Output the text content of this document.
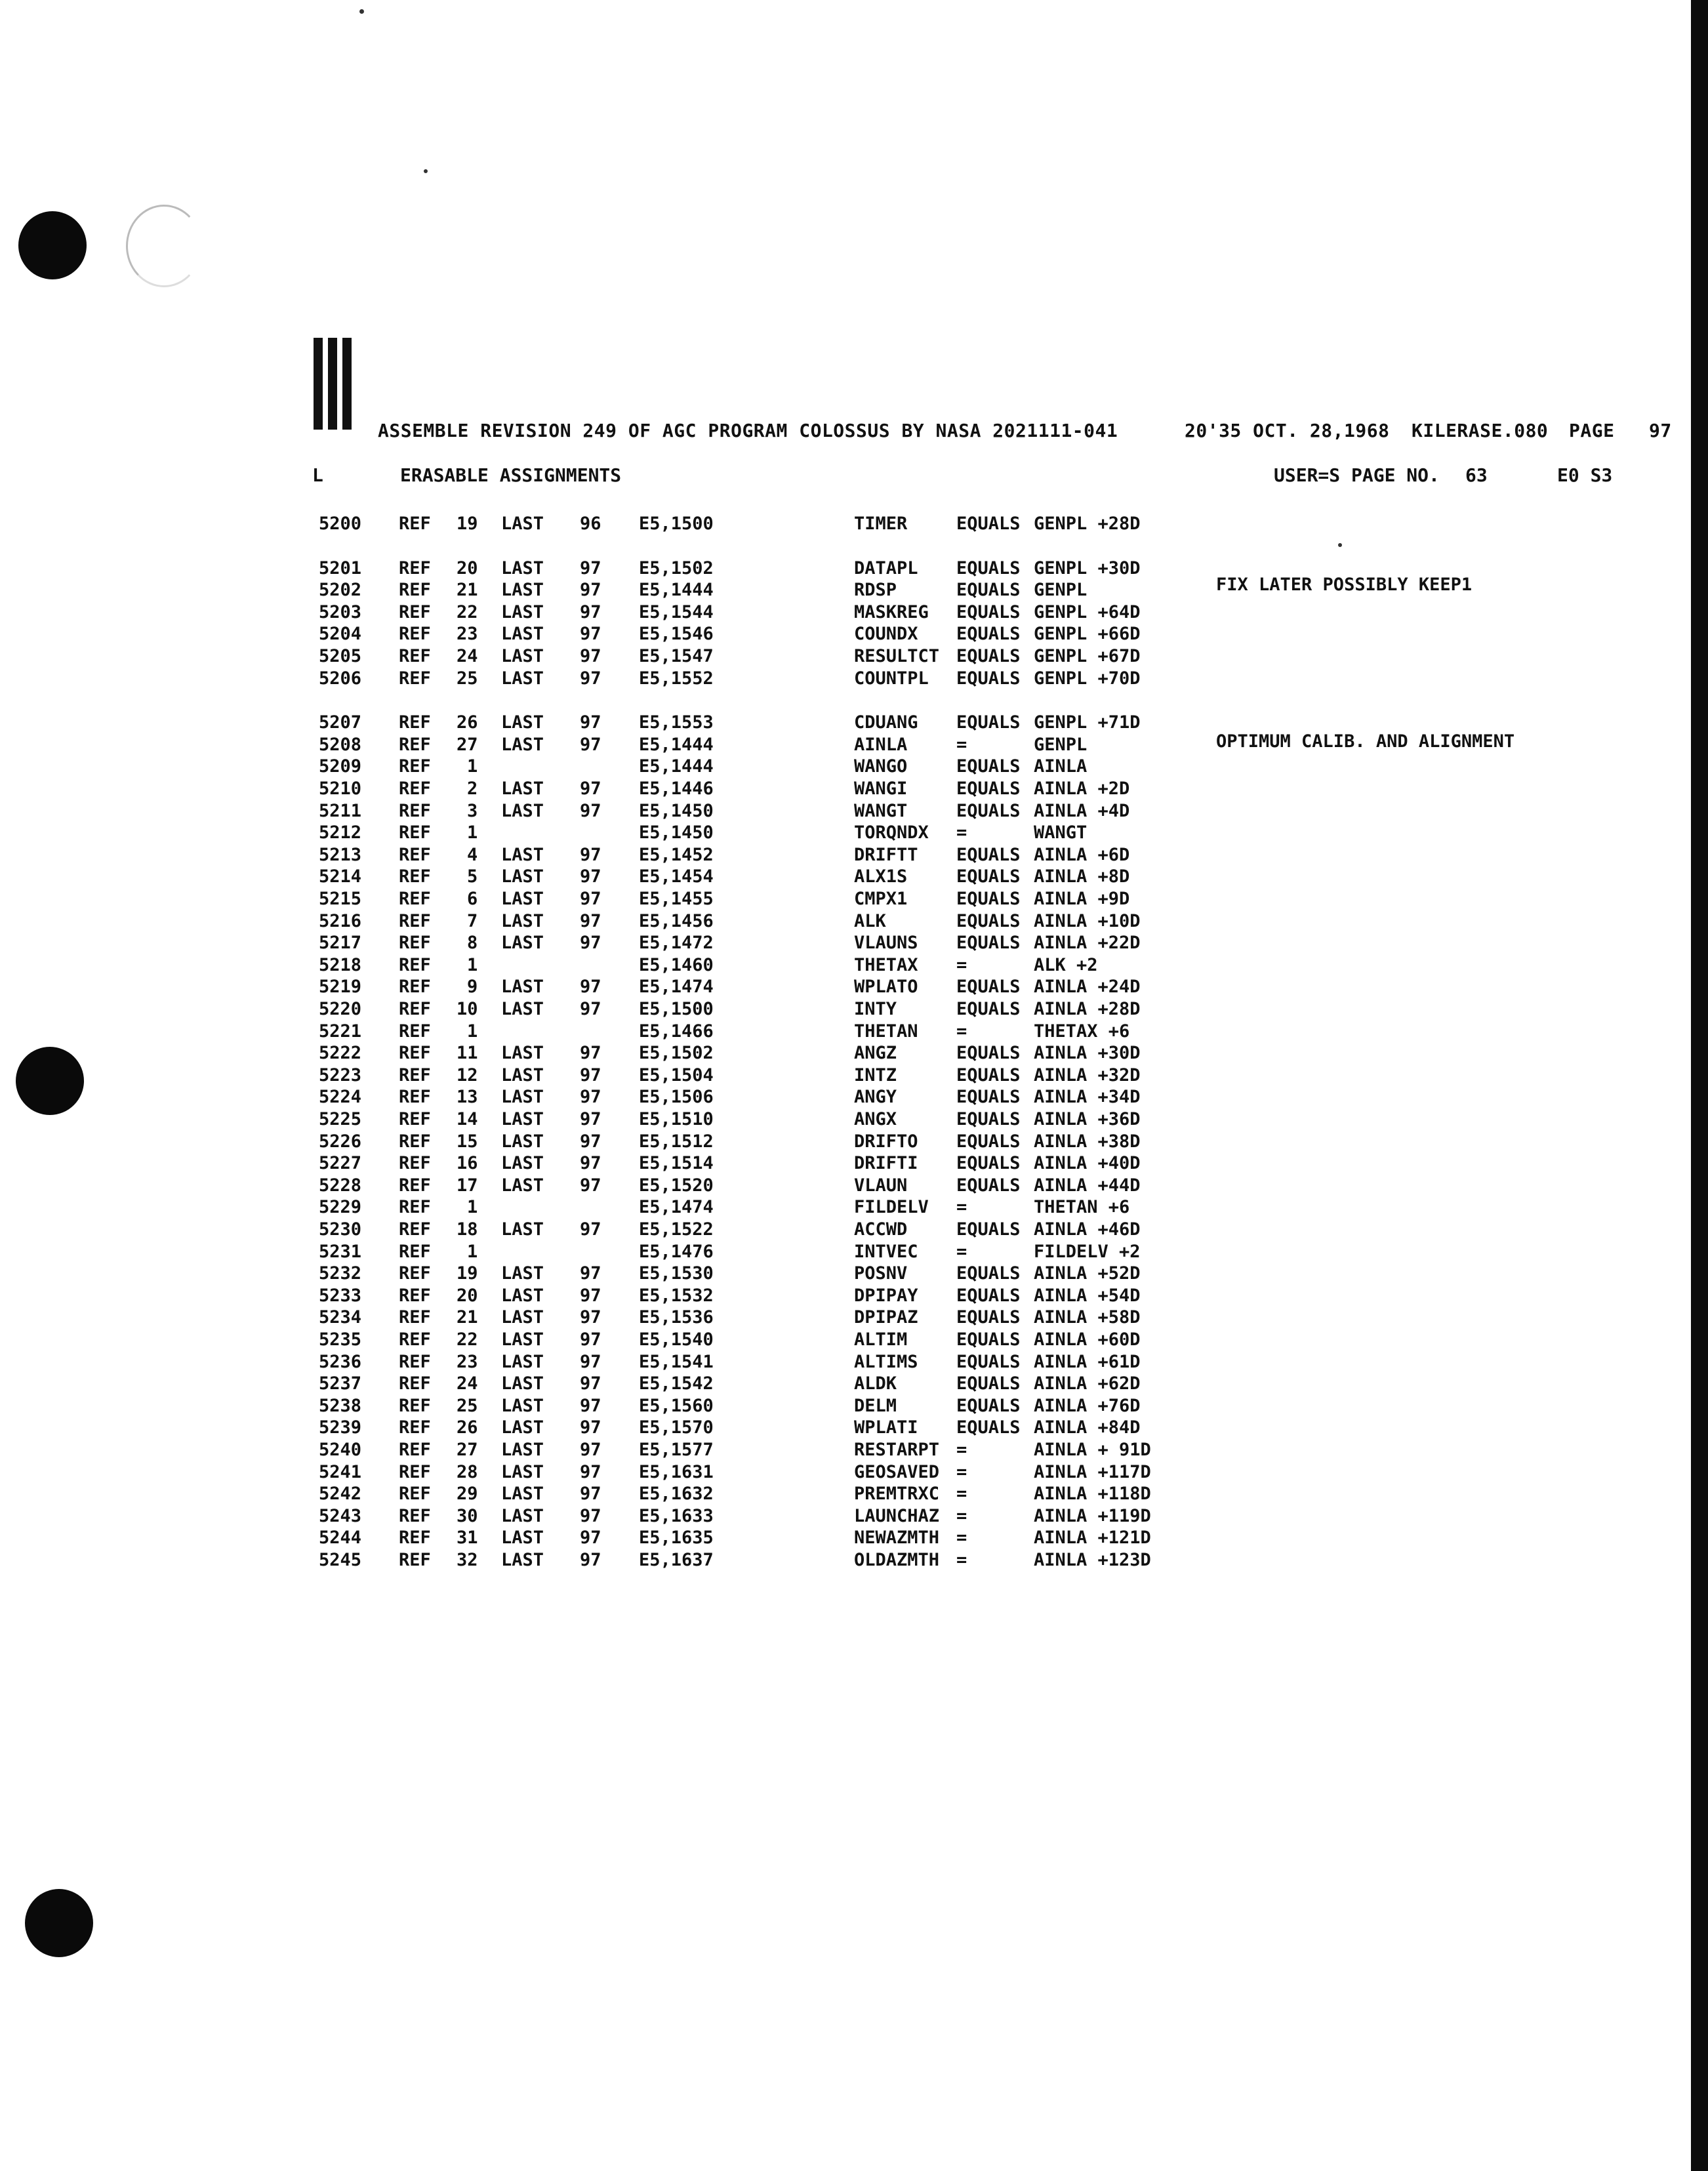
ASSEMBLE REVISION 249 OF AGC PROGRAM COLOSSUS BY NASA 2021111-041	20'35 OCT. 28,1968 KILERASE.080 PAGE 97
L	ERASABLE ASSIGNMENTS	USER=S PAGE NO. 63	E0 S3
5200 REF 19 LAST 96 E5,1500	TIMER	EQUALS GENPL +28D
5201 REF 20 LAST 97 E5,1502	DATAPL EQUALS GENPL +30D
5202 REF 21 LAST 97 E5,1444	RDSP	EQUALS GENPL
5203 REF 22 LAST 97 E5,1544	MASKREG EQUALS GENPL +64D
5204 REF 23 LAST 97 E5,1546	COUNDX EQUALS GENPL +66D
5205 REF 24 LAST 97 E5,1547	RESULTCT EQUALS GENPL +67D
5206 REF 25 LAST 97 E5,1552	COUNTPL EQUALS GENPL +70D
5207 REF 26 LAST 97 E5,1553	CDUANG EQUALS GENPL +71D
5208 REF 27 LAST 97 E5,1444	AINLA	=	GENPL
5209 REF 1	E5,1444	WANGO	EQUALS AINLA
5210 REF 2 LAST 97 E5,1446	WANGI	EQUALS AINLA +2D
5211 REF 3 LAST 97 E5,1450	WANGT	EQUALS AINLA +4D
5212 REF 1	E5,1450	TORQNDX =	WANGT
5213 REF 4 LAST 97 E5,1452	DRIFTT EQUALS AINLA +6D
5214 REF 5 LAST 97 E5,1454	ALX1S	EQUALS AINLA +8D
5215 REF 6 LAST 97 E5,1455	CMPX1	EQUALS AINLA +9D
5216 REF 7 LAST 97 E5,1456	ALK	EQUALS AINLA +10D
5217 REF 8 LAST 97 E5,1472	VLAUNS EQUALS AINLA +22D
5218 REF 1	E5,1460	THETAX =	ALK +2
5219 REF 9 LAST 97 E5,1474	WPLATO EQUALS AINLA +24D
5220 REF 10 LAST 97 E5,1500	INTY	EQUALS AINLA +28D
5221 REF 1	E5,1466	THETAN =	THETAX +6
5222 REF 11 LAST 97 E5,1502	ANGZ	EQUALS AINLA +30D
5223 REF 12 LAST 97 E5,1504	INTZ	EQUALS AINLA +32D
5224 REF 13 LAST 97 E5,1506	ANGY	EQUALS AINLA +34D
5225 REF 14 LAST 97 E5,1510	ANGX	EQUALS AINLA +36D
5226 REF 15 LAST 97 E5,1512	DRIFTO EQUALS AINLA +38D
5227 REF 16 LAST 97 E5,1514	DRIFTI EQUALS AINLA +40D
5228 REF 17 LAST 97 E5,1520	VLAUN	EQUALS AINLA +44D
5229 REF 1	E5,1474	FILDELV =	THETAN +6
5230 REF 18 LAST 97 E5,1522	ACCWD	EQUALS AINLA +46D
5231 REF 1	E5,1476	INTVEC =	FILDELV +2
5232 REF 19 LAST 97 E5,1530	POSNV	EQUALS AINLA +52D
5233 REF 20 LAST 97 E5,1532	DPIPAY EQUALS AINLA +54D
5234 REF 21 LAST 97 E5,1536	DPIPAZ EQUALS AINLA +58D
5235 REF 22 LAST 97 E5,1540	ALTIM	EQUALS AINLA +60D
5236 REF 23 LAST 97 E5,1541	ALTIMS EQUALS AINLA +61D
5237 REF 24 LAST 97 E5,1542	ALDK	EQUALS AINLA +62D
5238 REF 25 LAST 97 E5,1560	DELM	EQUALS AINLA +76D
5239 REF 26 LAST 97 E5,1570	WPLATI EQUALS AINLA +84D
5240 REF 27 LAST 97 E5,1577	RESTARPT =	AINLA + 91D
5241 REF 28 LAST 97 E5,1631	GEOSAVED =	AINLA +117D
5242 REF 29 LAST 97 E5,1632	PREMTRXC =	AINLA +118D
5243 REF 30 LAST 97 E5,1633	LAUNCHAZ =	AINLA +119D
5244 REF 31 LAST 97 E5,1635	NEWAZMTH =	AINLA +121D
5245 REF 32 LAST 97 E5,1637	OLDAZMTH =	AINLA +123D
FIX LATER POSSIBLY KEEP1
OPTIMUM CALIB. AND ALIGNMENT
